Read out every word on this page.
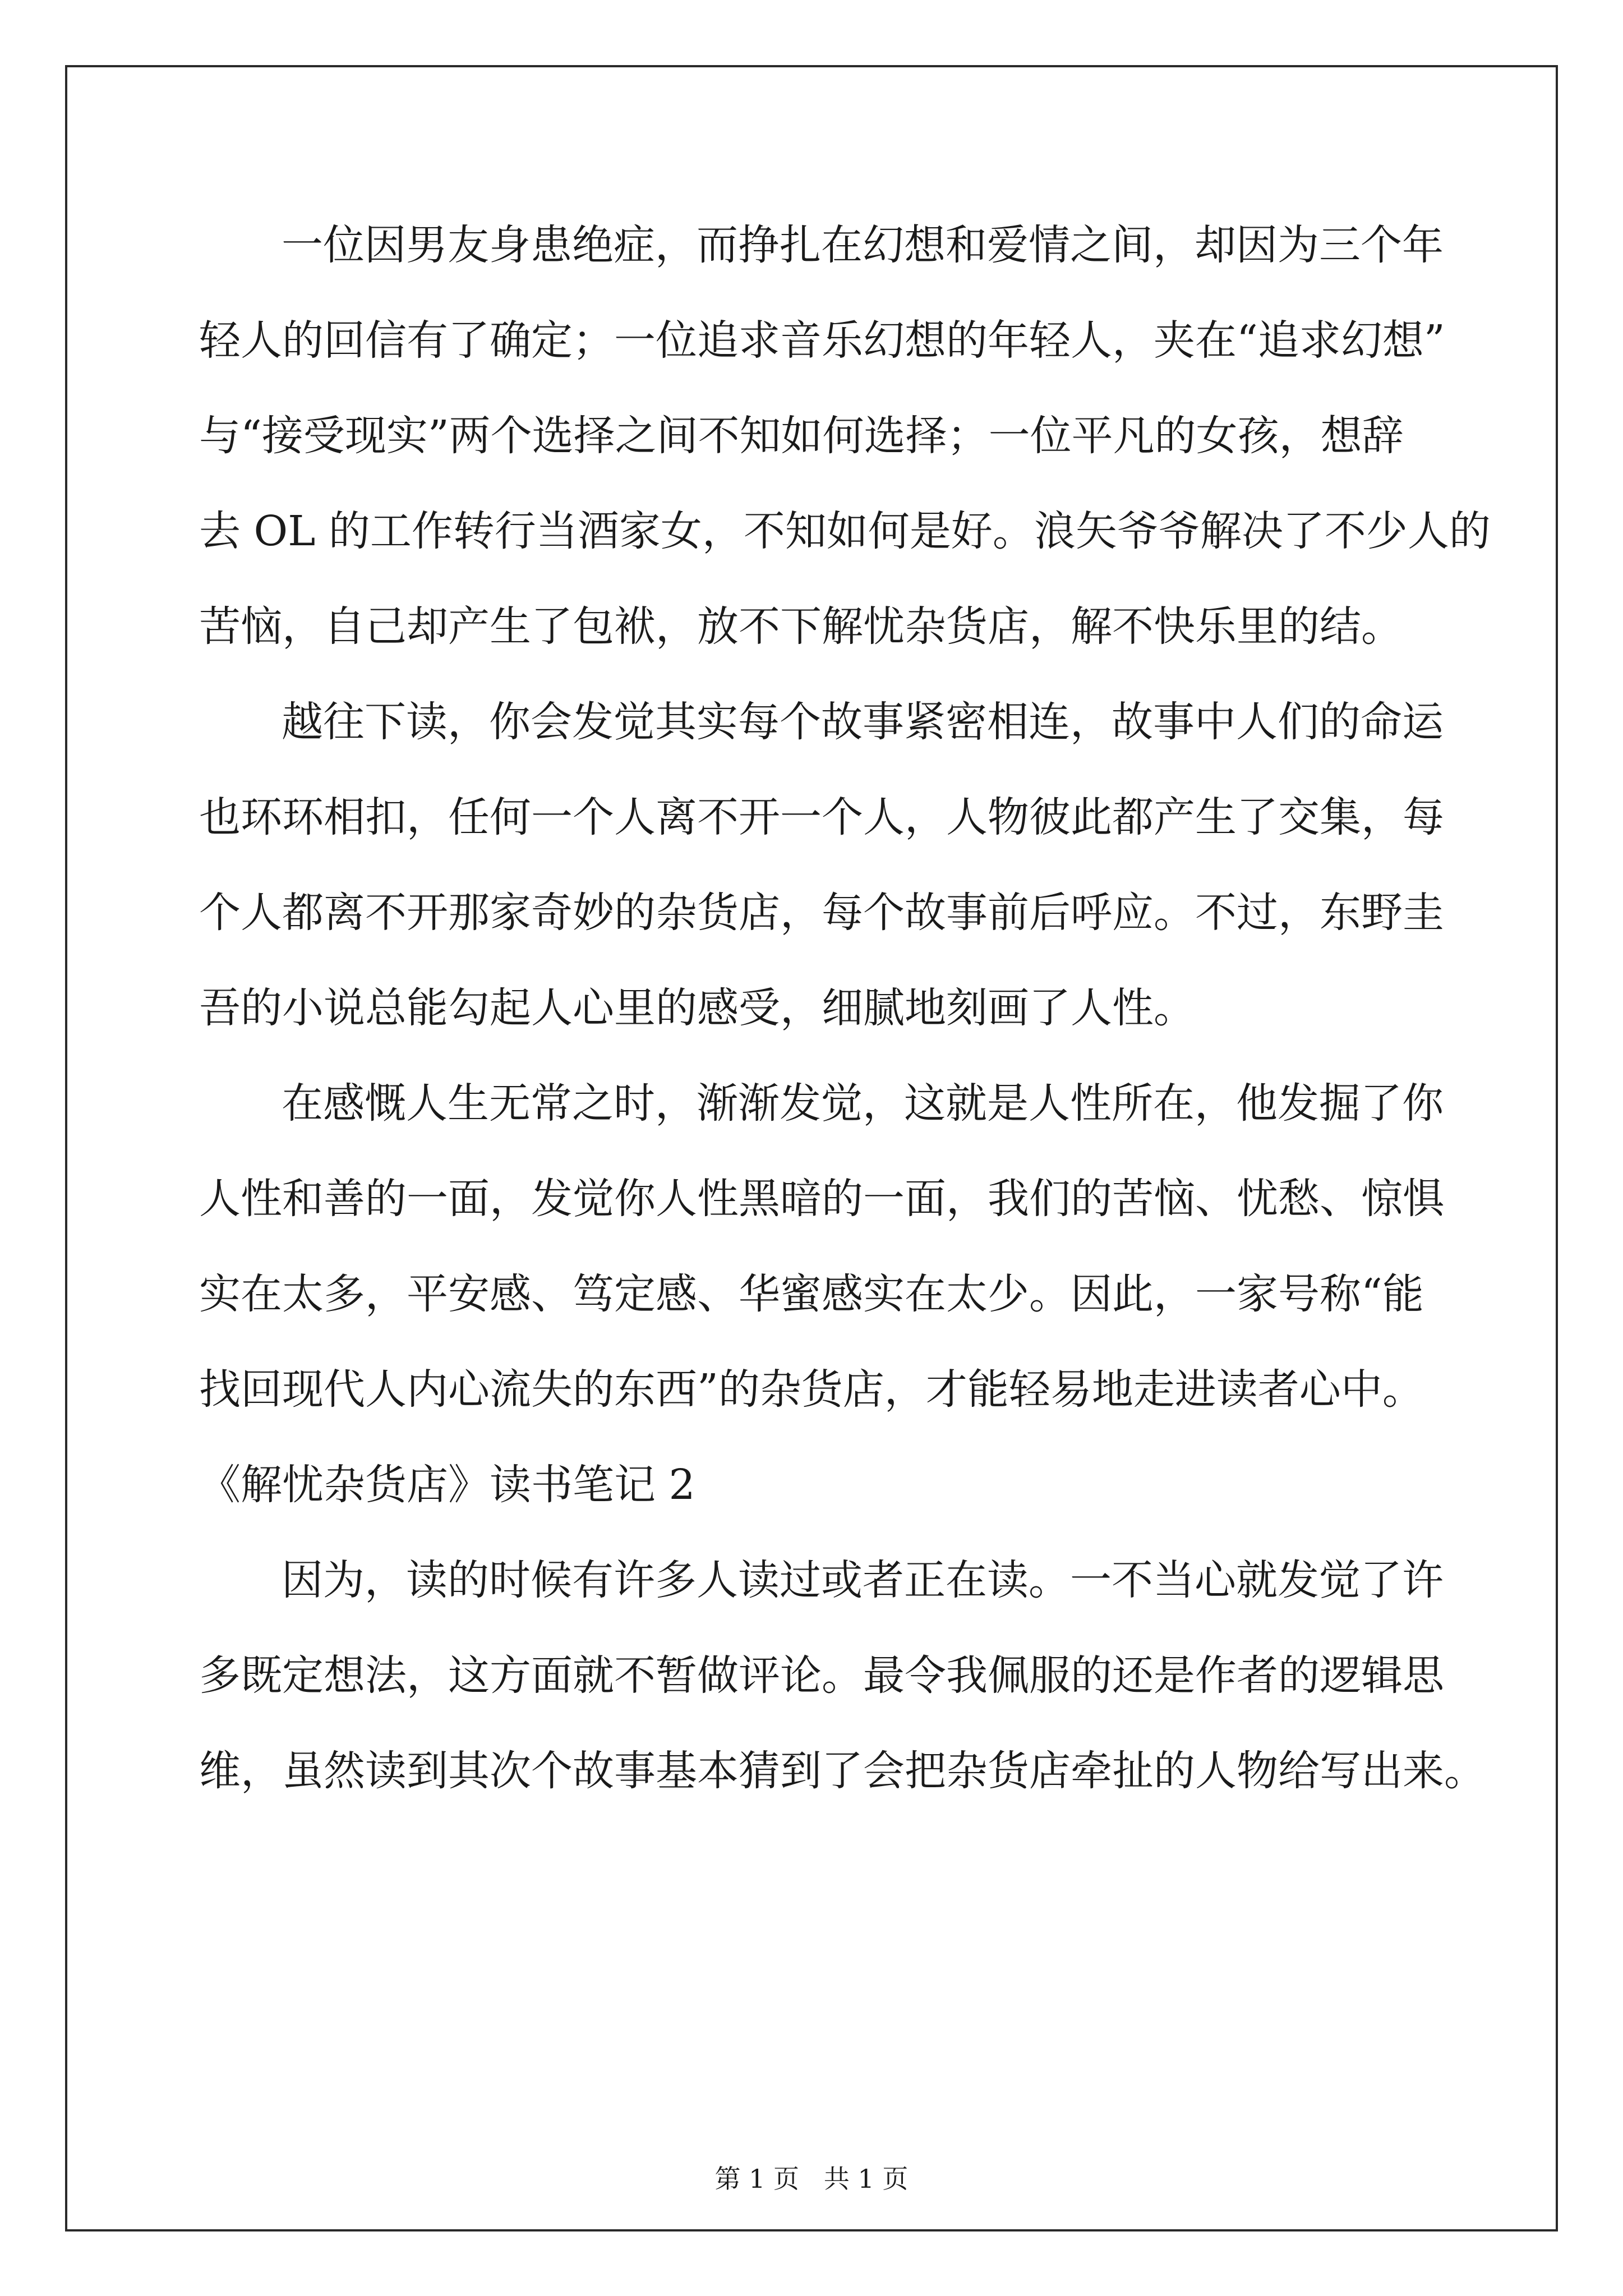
一位因男友身患绝症，而挣扎在幻想和爱情之间，却因为三个年
轻人的回信有了确定；一位追求音乐幻想的年轻人，夹在“追求幻想”
与“接受现实”两个选择之间不知如何选择；一位平凡的女孩，想辞
去 OL 的工作转行当酒家女，不知如何是好。浪矢爷爷解决了不少人的
苦恼，自己却产生了包袱，放不下解忧杂货店，解不快乐里的结。
越往下读，你会发觉其实每个故事紧密相连，故事中人们的命运
也环环相扣，任何一个人离不开一个人，人物彼此都产生了交集，每
个人都离不开那家奇妙的杂货店，每个故事前后呼应。不过，东野圭
吾的小说总能勾起人心里的感受，细腻地刻画了人性。
在感慨人生无常之时，渐渐发觉，这就是人性所在，他发掘了你
人性和善的一面，发觉你人性黑暗的一面，我们的苦恼、忧愁、惊惧
实在太多，平安感、笃定感、华蜜感实在太少。因此，一家号称“能
找回现代人内心流失的东西”的杂货店，才能轻易地走进读者心中。
《解忧杂货店》读书笔记 2
因为，读的时候有许多人读过或者正在读。一不当心就发觉了许
多既定想法，这方面就不暂做评论。最令我佩服的还是作者的逻辑思
维，虽然读到其次个故事基本猜到了会把杂货店牵扯的人物给写出来。
第 1 页   共 1 页
